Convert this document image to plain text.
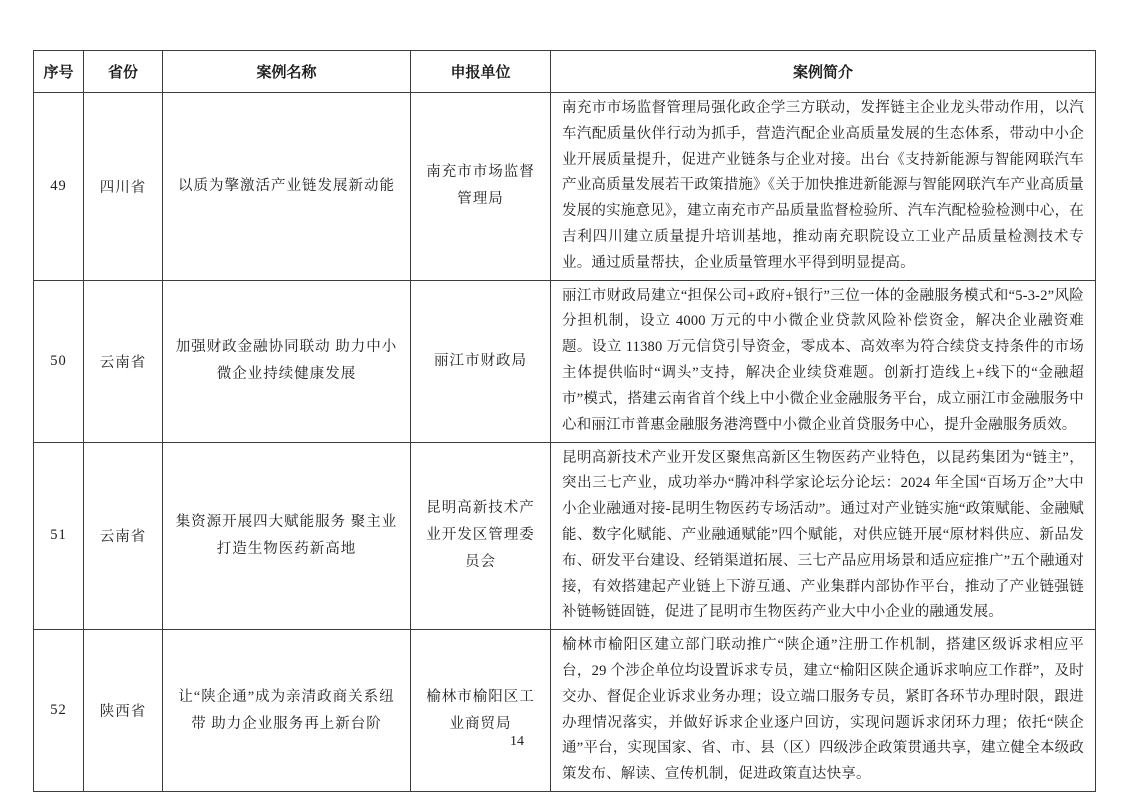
序号	省份	案例名称	申报单位	案例简介
49	四川省	以质为擎激活产业链发展新动能	南充市市场监督管理局	南充市市场监督管理局强化政企学三方联动，发挥链主企业龙头带动作用，以汽车汽配质量伙伴行动为抓手，营造汽配企业高质量发展的生态体系，带动中小企业开展质量提升，促进产业链条与企业对接。出台《支持新能源与智能网联汽车产业高质量发展若干政策措施》《关于加快推进新能源与智能网联汽车产业高质量发展的实施意见》，建立南充市产品质量监督检验所、汽车汽配检验检测中心，在吉利四川建立质量提升培训基地，推动南充职院设立工业产品质量检测技术专业。通过质量帮扶，企业质量管理水平得到明显提高。
50	云南省	加强财政金融协同联动 助力中小微企业持续健康发展	丽江市财政局	丽江市财政局建立“担保公司+政府+银行”三位一体的金融服务模式和“5-3-2”风险分担机制，设立 4000 万元的中小微企业贷款风险补偿资金，解决企业融资难题。设立 11380 万元信贷引导资金，零成本、高效率为符合续贷支持条件的市场主体提供临时“调头”支持，解决企业续贷难题。创新打造线上+线下的“金融超市”模式，搭建云南省首个线上中小微企业金融服务平台，成立丽江市金融服务中心和丽江市普惠金融服务港湾暨中小微企业首贷服务中心，提升金融服务质效。
51	云南省	集资源开展四大赋能服务 聚主业打造生物医药新高地	昆明高新技术产业开发区管理委员会	昆明高新技术产业开发区聚焦高新区生物医药产业特色，以昆药集团为“链主”，突出三七产业，成功举办“腾冲科学家论坛分论坛：2024 年全国“百场万企”大中小企业融通对接-昆明生物医药专场活动”。通过对产业链实施“政策赋能、金融赋能、数字化赋能、产业融通赋能”四个赋能，对供应链开展“原材料供应、新品发布、研发平台建设、经销渠道拓展、三七产品应用场景和适应症推广”五个融通对接，有效搭建起产业链上下游互通、产业集群内部协作平台，推动了产业链强链补链畅链固链，促进了昆明市生物医药产业大中小企业的融通发展。
52	陕西省	让“陕企通”成为亲清政商关系纽带 助力企业服务再上新台阶	榆林市榆阳区工业商贸局	榆林市榆阳区建立部门联动推广“陕企通”注册工作机制，搭建区级诉求相应平台，29 个涉企单位均设置诉求专员，建立“榆阳区陕企通诉求响应工作群”，及时交办、督促企业诉求业务办理；设立端口服务专员，紧盯各环节办理时限，跟进办理情况落实，并做好诉求企业逐户回访，实现问题诉求闭环力理；依托“陕企通”平台，实现国家、省、市、县（区）四级涉企政策贯通共享，建立健全本级政策发布、解读、宣传机制，促进政策直达快享。
14
